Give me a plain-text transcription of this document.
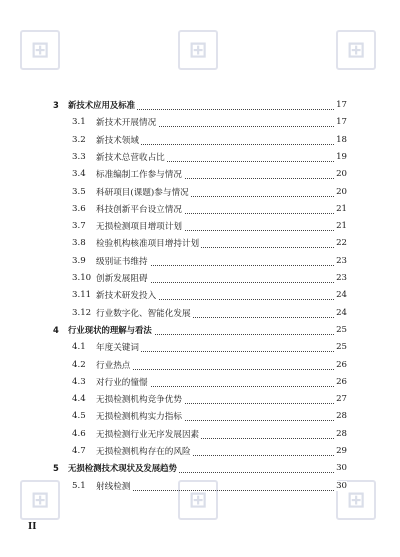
⊞	⊞	⊞
⊞	⊞	⊞
3 新技术应用及标准	17
3.1 新技术开展情况	17
3.2 新技术领域	18
3.3 新技术总营收占比	19
3.4 标准编制工作参与情况	20
3.5 科研项目(课题)参与情况	20
3.6 科技创新平台设立情况	21
3.7 无损检测项目增项计划	21
3.8 检验机构核准项目增持计划	22
3.9 级别证书维持	23
3.10 创新发展阻碍	23
3.11 新技术研发投入	24
3.12 行业数字化、智能化发展	24
4 行业现状的理解与看法	25
4.1 年度关键词	25
4.2 行业热点	26
4.3 对行业的憧憬	26
4.4 无损检测机构竞争优势	27
4.5 无损检测机构实力指标	28
4.6 无损检测行业无序发展因素	28
4.7 无损检测机构存在的风险	29
5 无损检测技术现状及发展趋势	30
5.1 射线检测	30
II
